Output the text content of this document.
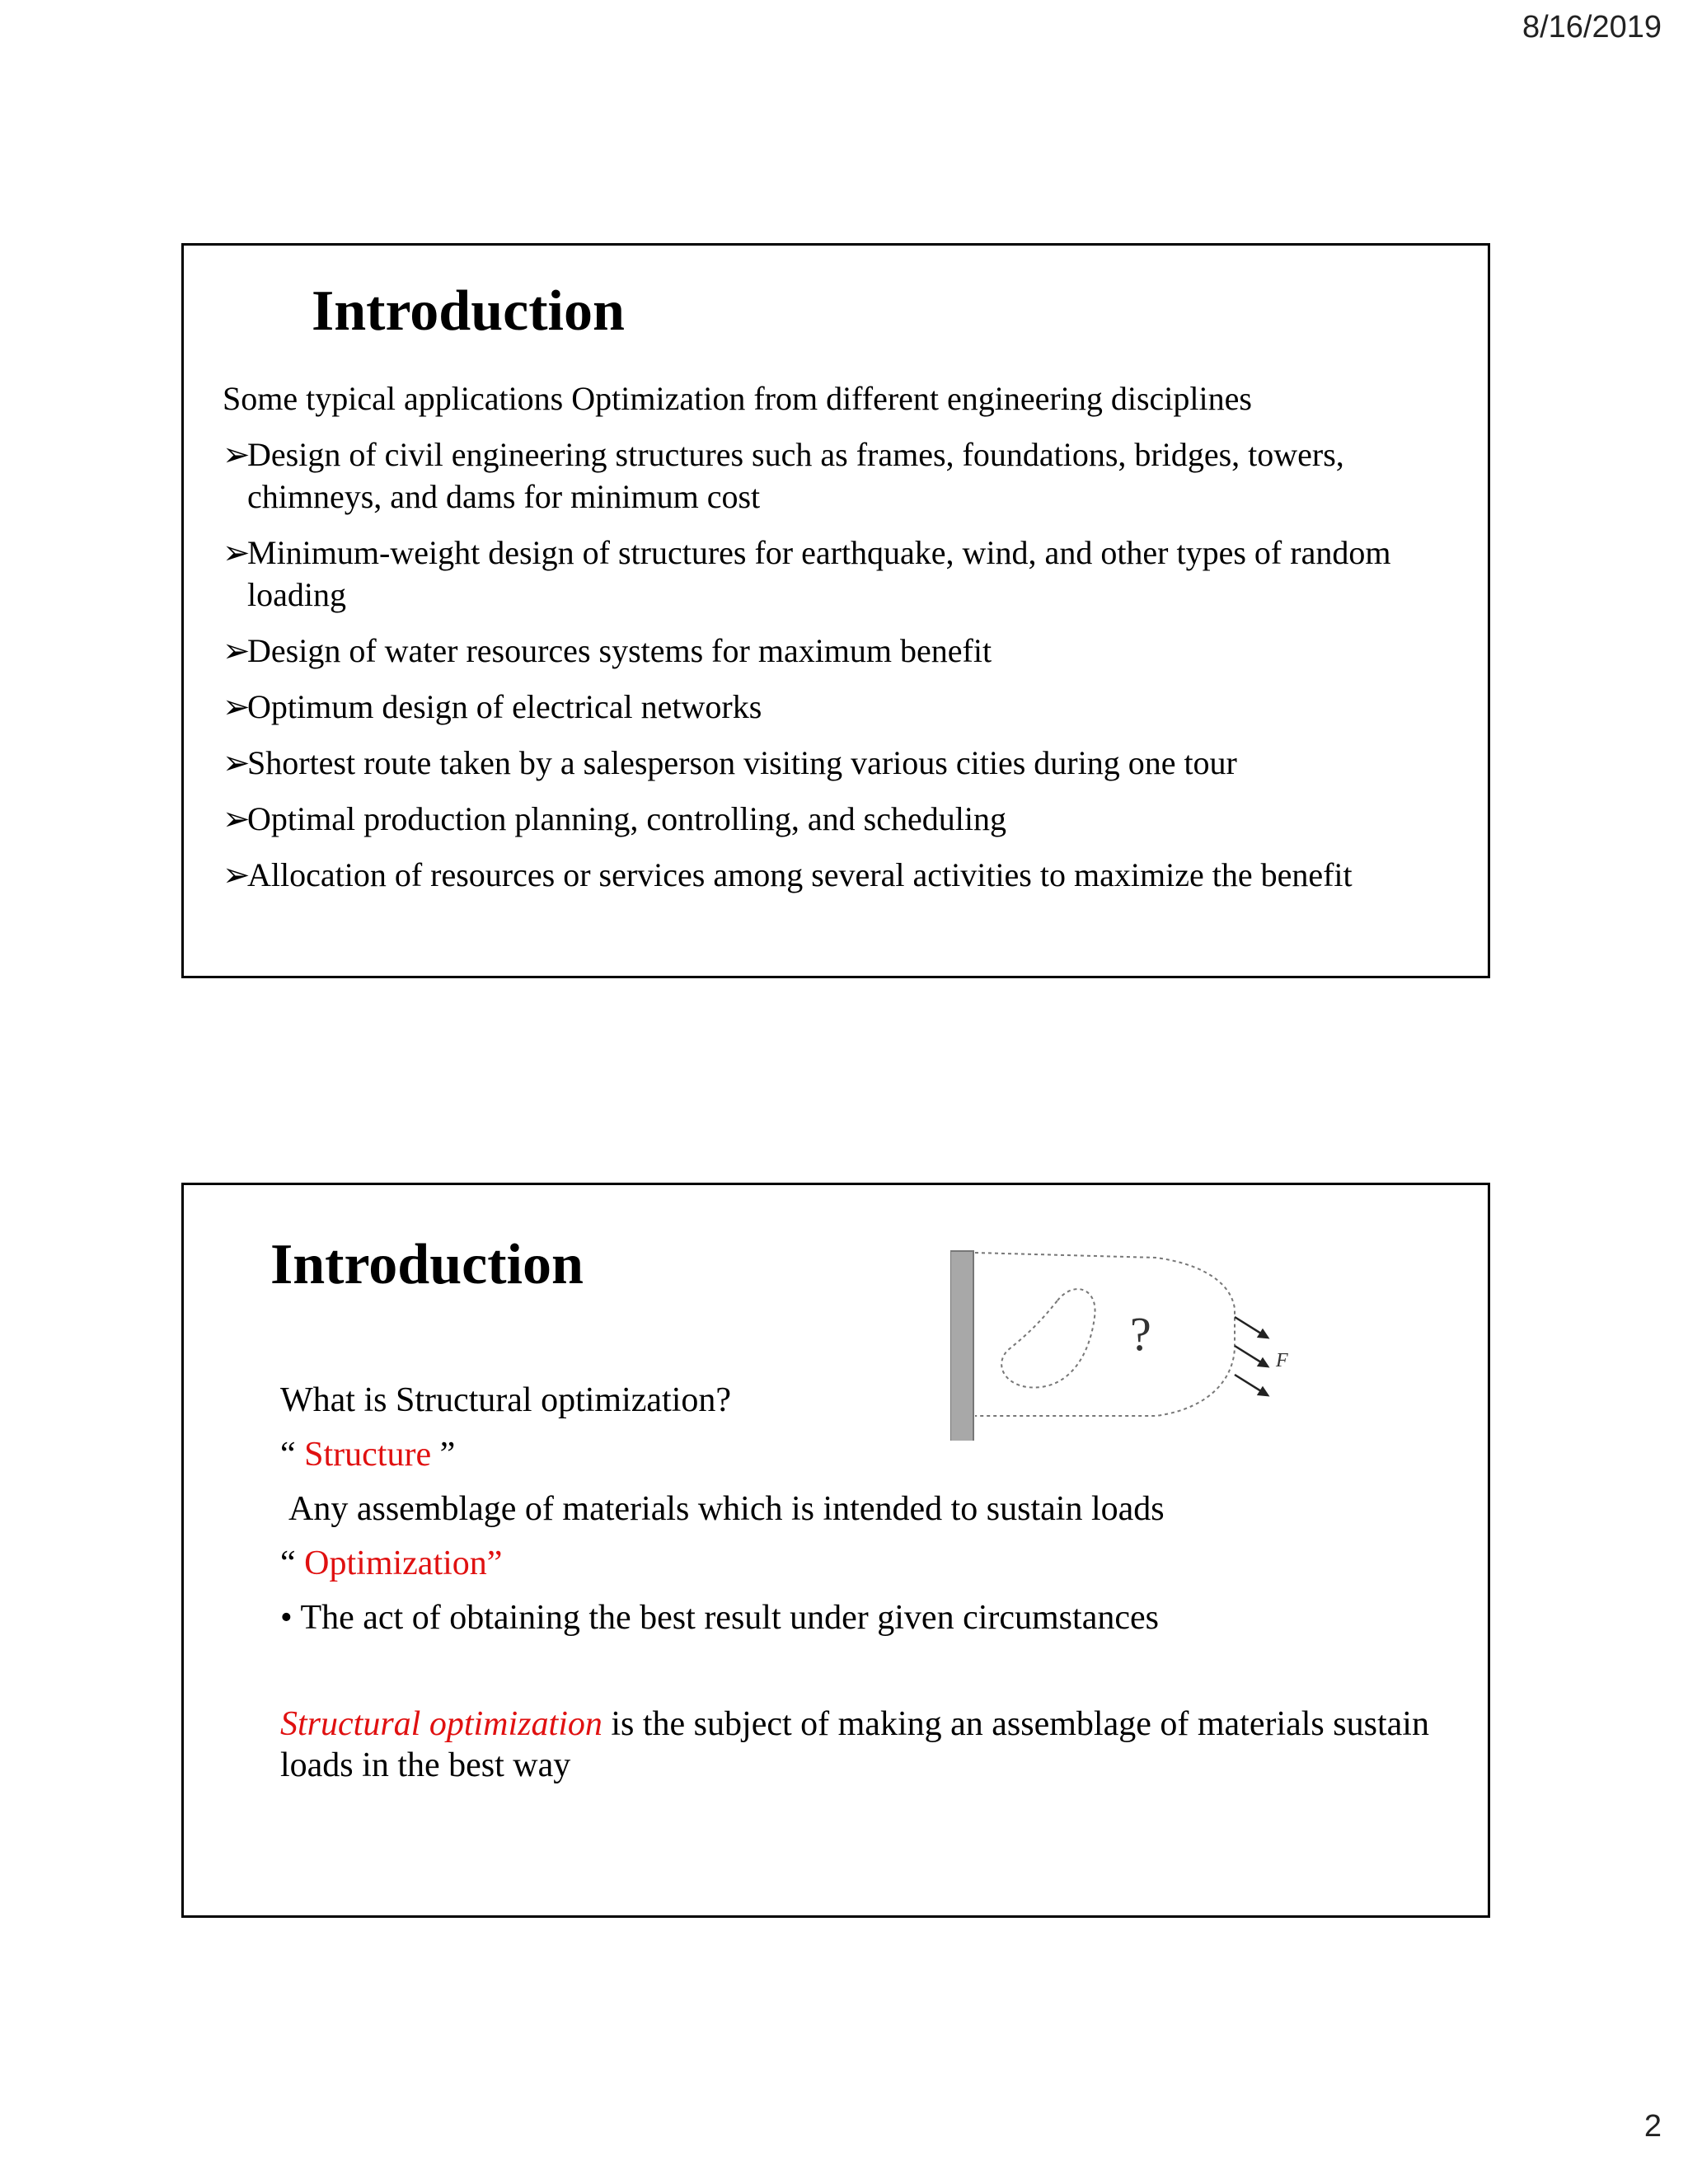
8/16/2019
Introduction

Some typical applications Optimization from different engineering disciplines

➢
Design of civil engineering structures such as frames, foundations, bridges, towers, chimneys, and dams for minimum cost
➢
Minimum-weight design of structures for earthquake, wind, and other types of random loading
➢
Design of water resources systems for maximum benefit
➢
Optimum design of electrical networks
➢
Shortest route taken by a salesperson visiting various cities during one tour
➢
Optimal production planning, controlling, and scheduling
➢
Allocation of resources or services among several activities to maximize the benefit
Introduction
?	F

What is Structural optimization?

“ Structure ”

Any assemblage of materials which is intended to sustain loads

“ Optimization”

• The act of obtaining the best result under given circumstances

Structural optimization is the subject of making an assemblage of materials sustain loads in the best way

2
